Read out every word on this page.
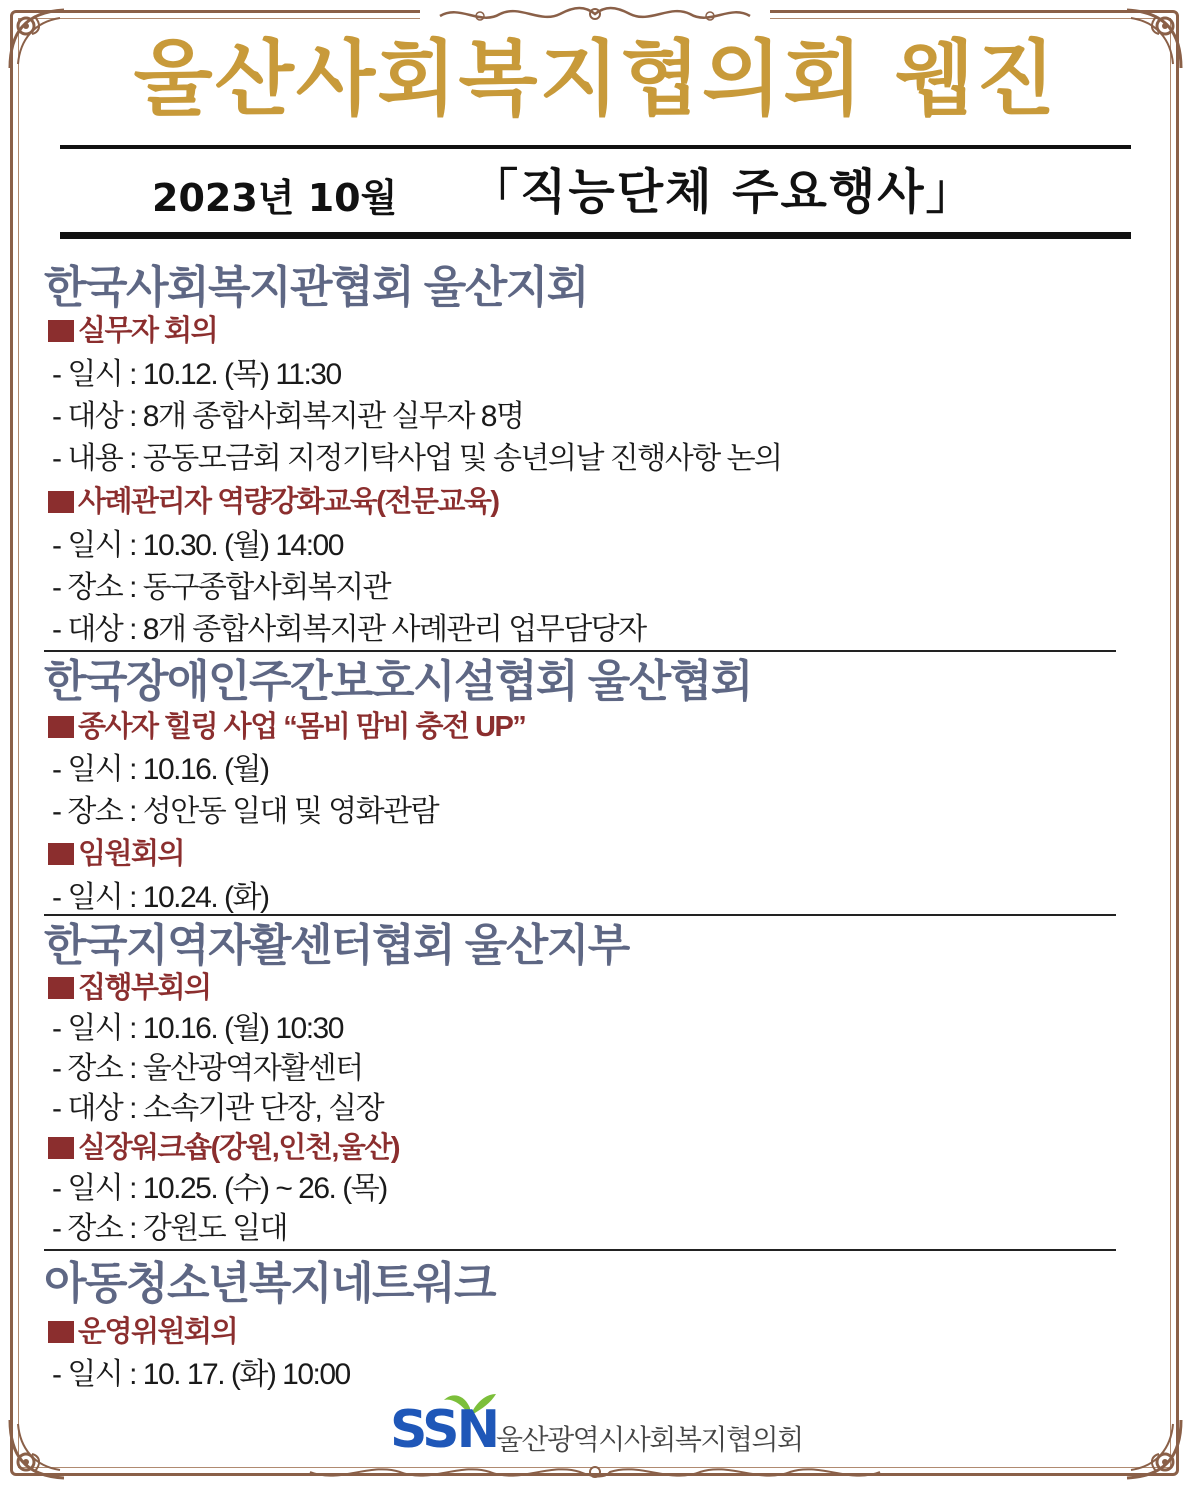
울산사회복지협의회 웹진
2023년 10월 「직능단체 주요행사」
한국사회복지관협회 울산지회
실무자 회의
- 일시 : 10.12. (목) 11:30
- 대상 : 8개 종합사회복지관 실무자 8명
- 내용 : 공동모금회 지정기탁사업 및 송년의날 진행사항 논의
사례관리자 역량강화교육(전문교육)
- 일시 : 10.30. (월) 14:00
- 장소 : 동구종합사회복지관
- 대상 : 8개 종합사회복지관 사례관리 업무담당자
한국장애인주간보호시설협회 울산협회
종사자 힐링 사업 “몸비 맘비 충전 UP”
- 일시 : 10.16. (월)
- 장소 : 성안동 일대 및 영화관람
임원회의
- 일시 : 10.24. (화)
한국지역자활센터협회 울산지부
집행부회의
- 일시 : 10.16. (월) 10:30
- 장소 : 울산광역자활센터
- 대상 : 소속기관 단장, 실장
실장워크숍(강원,인천,울산)
- 일시 : 10.25. (수) ~ 26. (목)
- 장소 : 강원도 일대
아동청소년복지네트워크
운영위원회의
- 일시 : 10. 17. (화) 10:00
SSN
울산광역시사회복지협의회
